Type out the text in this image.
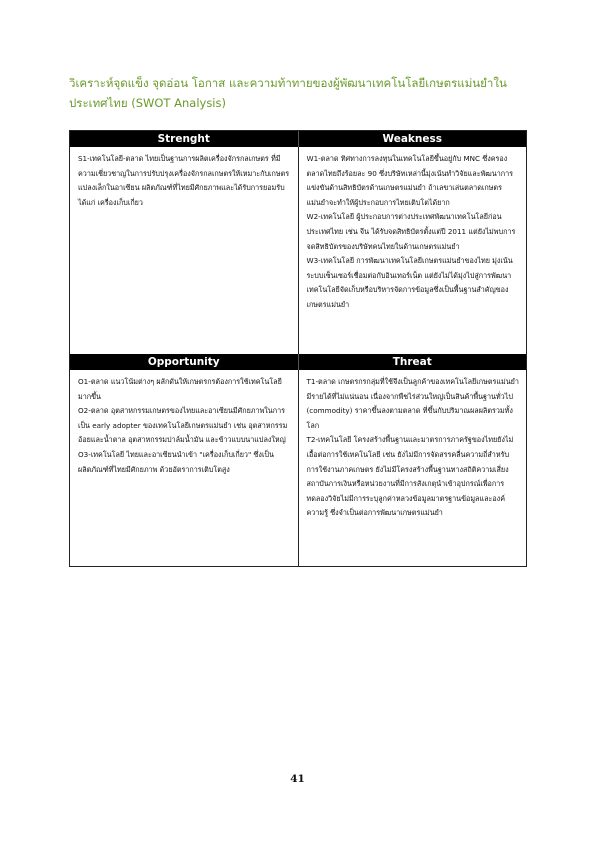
วิเคราะห์จุดแข็ง จุดอ่อน โอกาส และความท้าทายของผู้พัฒนาเทคโนโลยีเกษตรแม่นยำใน
ประเทศไทย (SWOT Analysis)
Strenght	Weakness

S1-เทคโนโลยี-ตลาด ไทยเป็นฐานการผลิตเครื่องจักรกลเกษตร ที่มีความเชี่ยวชาญในการปรับปรุงเครื่องจักรกลเกษตรให้เหมาะกับเกษตรแปลงเล็กในอาเซียน ผลิตภัณฑ์ที่ไทยมีศักยภาพและได้รับการยอมรับ ได้แก่ เครื่องเก็บเกี่ยว

W1-ตลาด ทิศทางการลงทุนในเทคโนโลยีขึ้นอยู่กับ MNC ซึ่งครองตลาดไทยถึงร้อยละ 90 ซึ่งบริษัทเหล่านี้มุ่งเน้นทำวิจัยและพัฒนาการแข่งขันด้านสิทธิบัตรด้านเกษตรแม่นยำ ถ้าเลขาเล่นตลาดเกษตรแม่นยำจะทำให้ผู้ประกอบการไทยเติบโตได้ยาก

W2-เทคโนโลยี ผู้ประกอบการต่างประเทศพัฒนาเทคโนโลยีก่อนประเทศไทย เช่น จีน ได้รับจดสิทธิบัตรตั้งแต่ปี 2011 แต่ยังไม่พบการจดสิทธิบัตรของบริษัทคนไทยในด้านเกษตรแม่นยำ

W3-เทคโนโลยี การพัฒนาเทคโนโลยีเกษตรแม่นยำของไทย มุ่งเน้นระบบเซ็นเซอร์เชื่อมต่อกับอินเทอร์เน็ต แต่ยังไม่ได้มุ่งไปสู่การพัฒนาเทคโนโลยีจัดเก็บหรือบริหารจัดการข้อมูลซึ่งเป็นพื้นฐานสำคัญของเกษตรแม่นยำ

Opportunity	Threat

O1-ตลาด แนวโน้มต่างๆ ผลักดันให้เกษตรกรต้องการใช้เทคโนโลยีมากขึ้น

O2-ตลาด อุตสาหกรรมเกษตรของไทยและอาเซียนมีศักยภาพในการเป็น early adopter ของเทคโนโลยีเกษตรแม่นยำ เช่น อุตสาหกรรมอ้อยและน้ำตาล อุตสาหกรรมปาล์มน้ำมัน และข้าวแบบนาแปลงใหญ่

O3-เทคโนโลยี ไทยและอาเซียนนำเข้า "เครื่องเก็บเกี่ยว" ซึ่งเป็นผลิตภัณฑ์ที่ไทยมีศักยภาพ ด้วยอัตราการเติบโตสูง

T1-ตลาด เกษตรกรกลุ่มที่ใช้จึงเป็นลูกค้าของเทคโนโลยีเกษตรแม่นยำมีรายได้ที่ไม่แน่นอน เนื่องจากพืชไร่ส่วนใหญ่เป็นสินค้าพื้นฐานทั่วไป (commodity) ราคาขึ้นลงตามตลาด ที่ขึ้นกับปริมาณผลผลิตรวมทั้งโลก

T2-เทคโนโลยี โครงสร้างพื้นฐานและมาตรการภาครัฐของไทยยังไม่เอื้อต่อการใช้เทคโนโลยี เช่น ยังไม่มีการจัดสรรคลื่นความถี่สำหรับการใช้งานภาคเกษตร ยังไม่มีโครงสร้างพื้นฐานทางสถิติความเสี่ยง สถาบันการเงินหรือหน่วยงานที่มีการสังเกตุนำเข้าอุปกรณ์เพื่อการทดลองวิจัยไม่มีการระบุลูกค่าหลวงข้อมูลมาตรฐานข้อมูลและองค์ความรู้ ซึ่งจำเป็นต่อการพัฒนาเกษตรแม่นยำ

41
